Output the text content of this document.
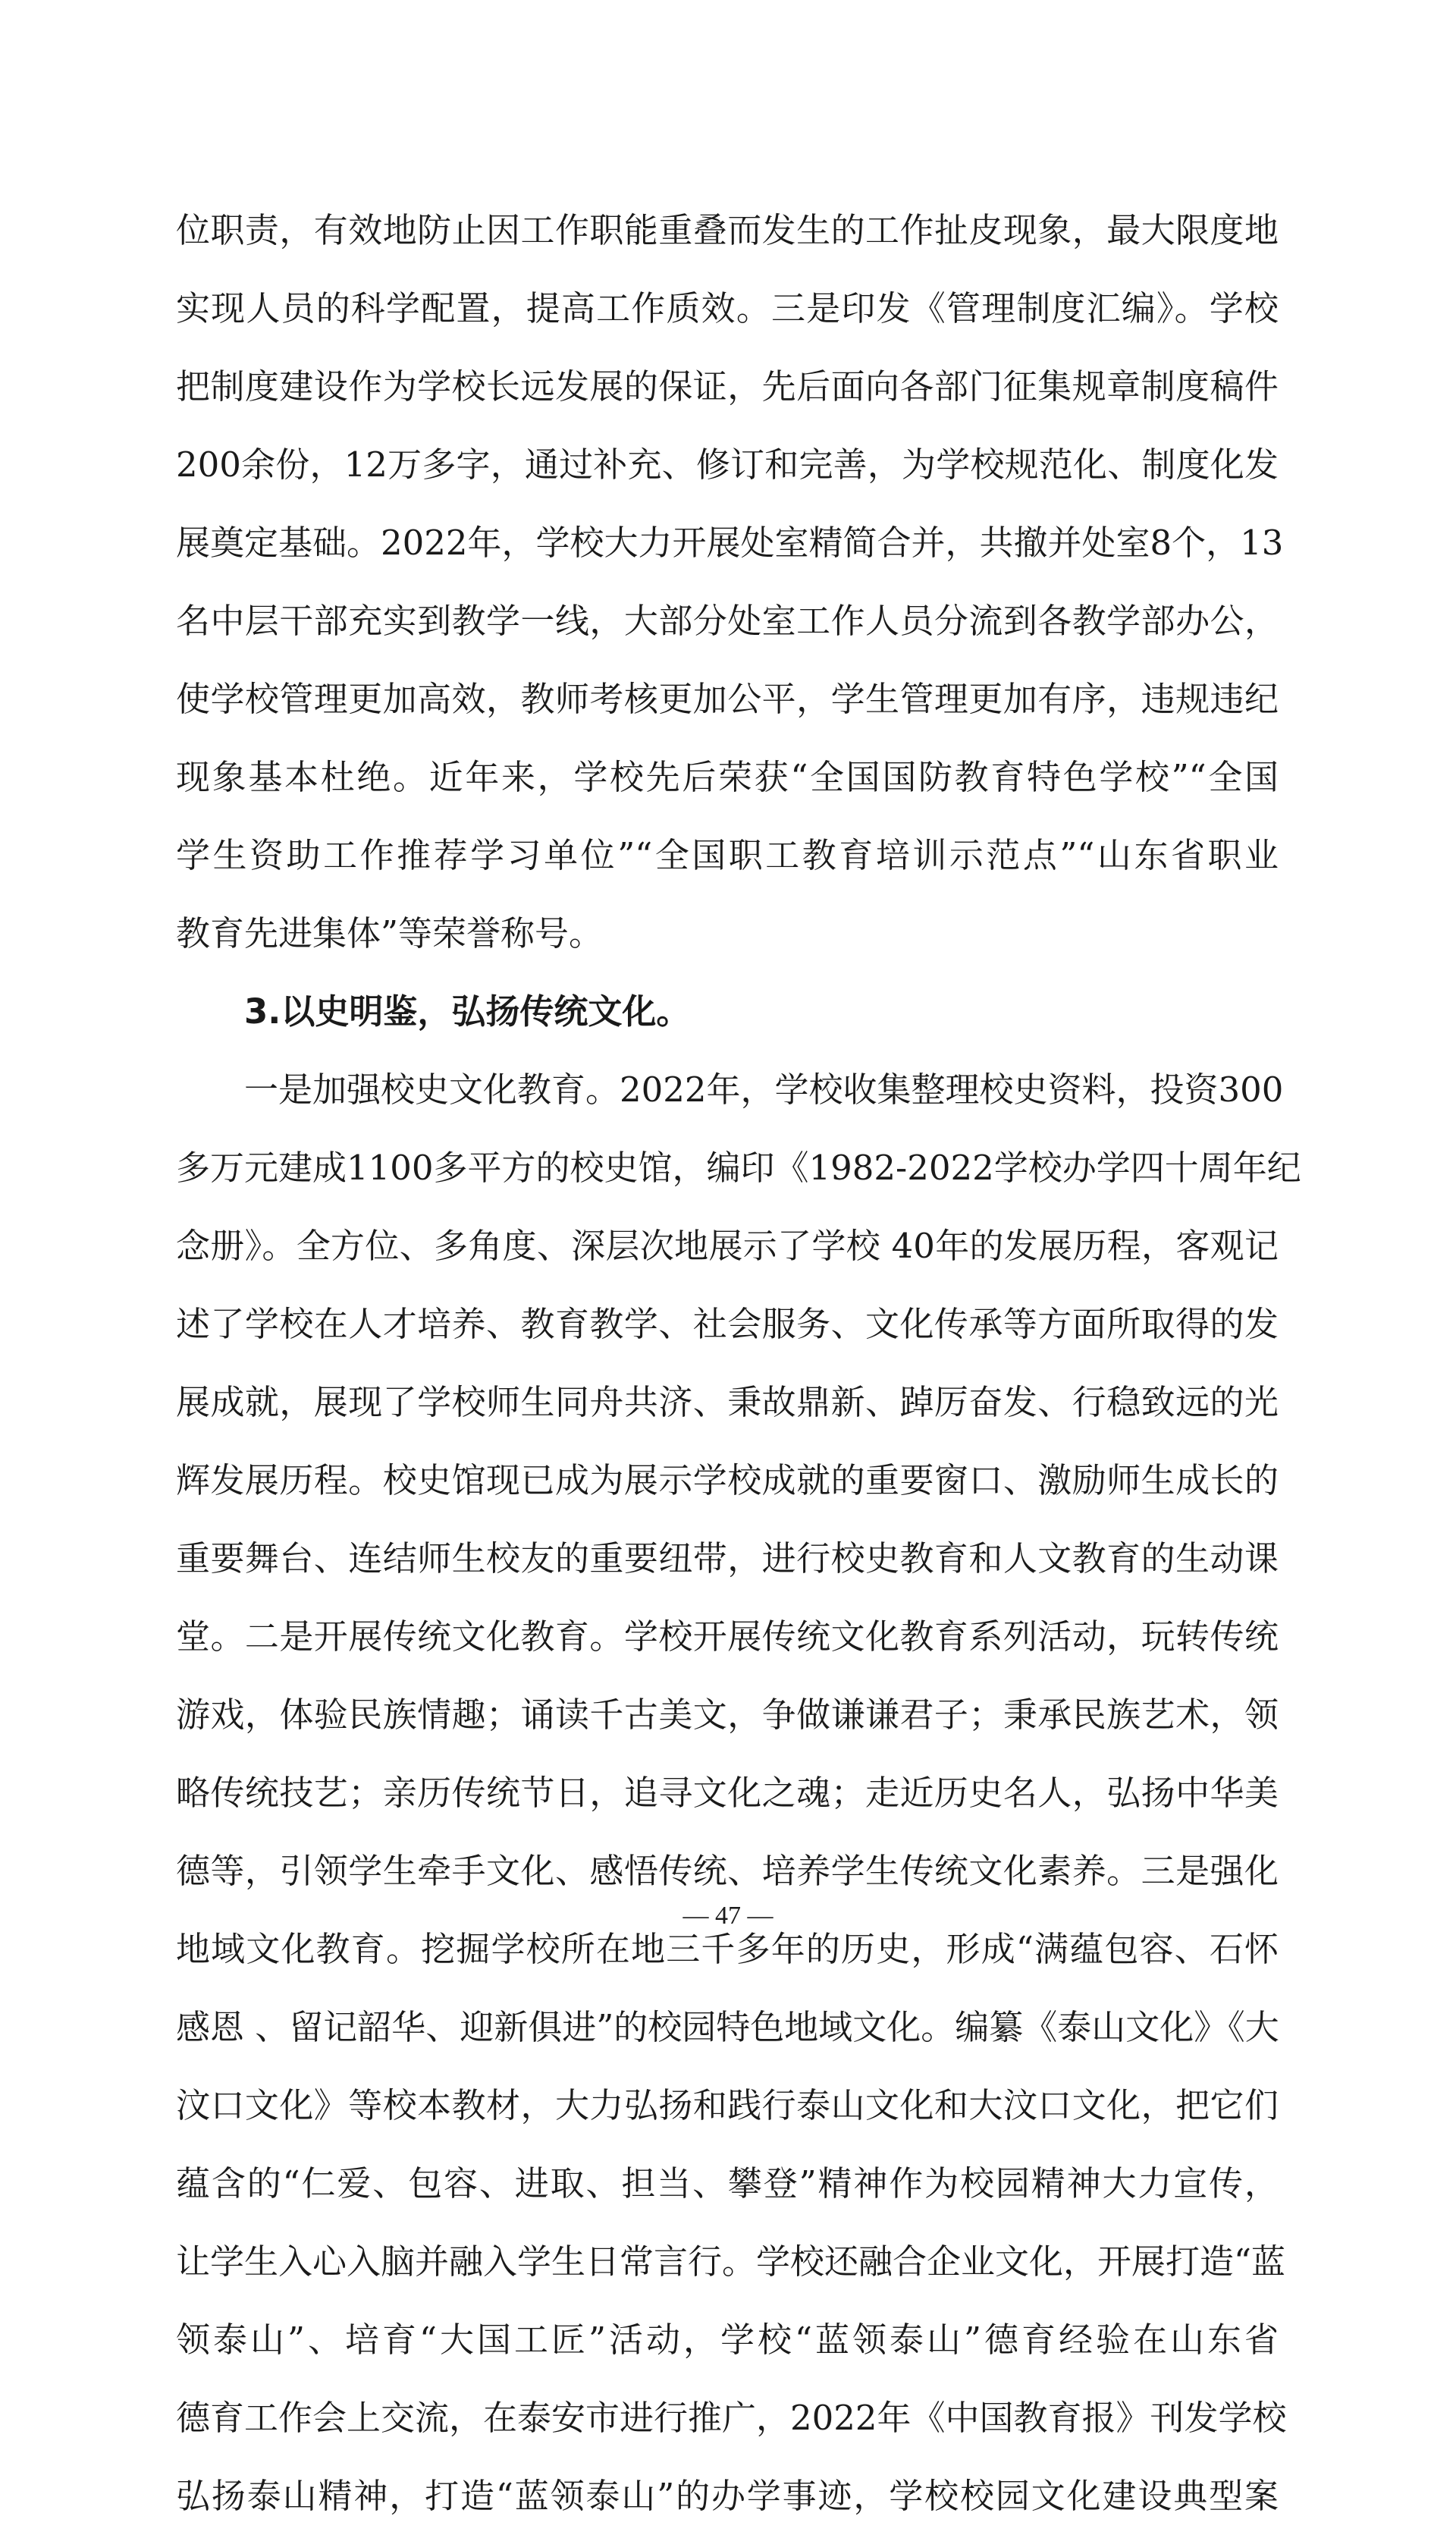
位职责，有效地防止因工作职能重叠而发生的工作扯皮现象，最大限度地
实现人员的科学配置，提高工作质效。三是印发《管理制度汇编》。学校
把制度建设作为学校长远发展的保证，先后面向各部门征集规章制度稿件
200余份，12万多字，通过补充、修订和完善，为学校规范化、制度化发
展奠定基础。2022年，学校大力开展处室精简合并，共撤并处室8个，13
名中层干部充实到教学一线，大部分处室工作人员分流到各教学部办公，
使学校管理更加高效，教师考核更加公平，学生管理更加有序，违规违纪
现象基本杜绝。近年来，学校先后荣获“全国国防教育特色学校”“全国
学生资助工作推荐学习单位”“全国职工教育培训示范点”“山东省职业
教育先进集体”等荣誉称号。
3.以史明鉴，弘扬传统文化。
一是加强校史文化教育。2022年，学校收集整理校史资料，投资300
多万元建成1100多平方的校史馆，编印《1982-2022学校办学四十周年纪
念册》。全方位、多角度、深层次地展示了学校 40年的发展历程，客观记
述了学校在人才培养、教育教学、社会服务、文化传承等方面所取得的发
展成就，展现了学校师生同舟共济、秉故鼎新、踔厉奋发、行稳致远的光
辉发展历程。校史馆现已成为展示学校成就的重要窗口、激励师生成长的
重要舞台、连结师生校友的重要纽带，进行校史教育和人文教育的生动课
堂。二是开展传统文化教育。学校开展传统文化教育系列活动，玩转传统
游戏，体验民族情趣；诵读千古美文，争做谦谦君子；秉承民族艺术，领
略传统技艺；亲历传统节日，追寻文化之魂；走近历史名人，弘扬中华美
德等，引领学生牵手文化、感悟传统、培养学生传统文化素养。三是强化
地域文化教育。挖掘学校所在地三千多年的历史，形成“满蕴包容、石怀
感恩 、留记韶华、迎新俱进”的校园特色地域文化。编纂《泰山文化》《大
汶口文化》等校本教材，大力弘扬和践行泰山文化和大汶口文化，把它们
蕴含的“仁爱、包容、进取、担当、攀登”精神作为校园精神大力宣传，
让学生入心入脑并融入学生日常言行。学校还融合企业文化，开展打造“蓝
领泰山”、培育“大国工匠”活动，学校“蓝领泰山”德育经验在山东省
德育工作会上交流，在泰安市进行推广，2022年《中国教育报》刊发学校
弘扬泰山精神，打造“蓝领泰山”的办学事迹，学校校园文化建设典型案
— 47 —
